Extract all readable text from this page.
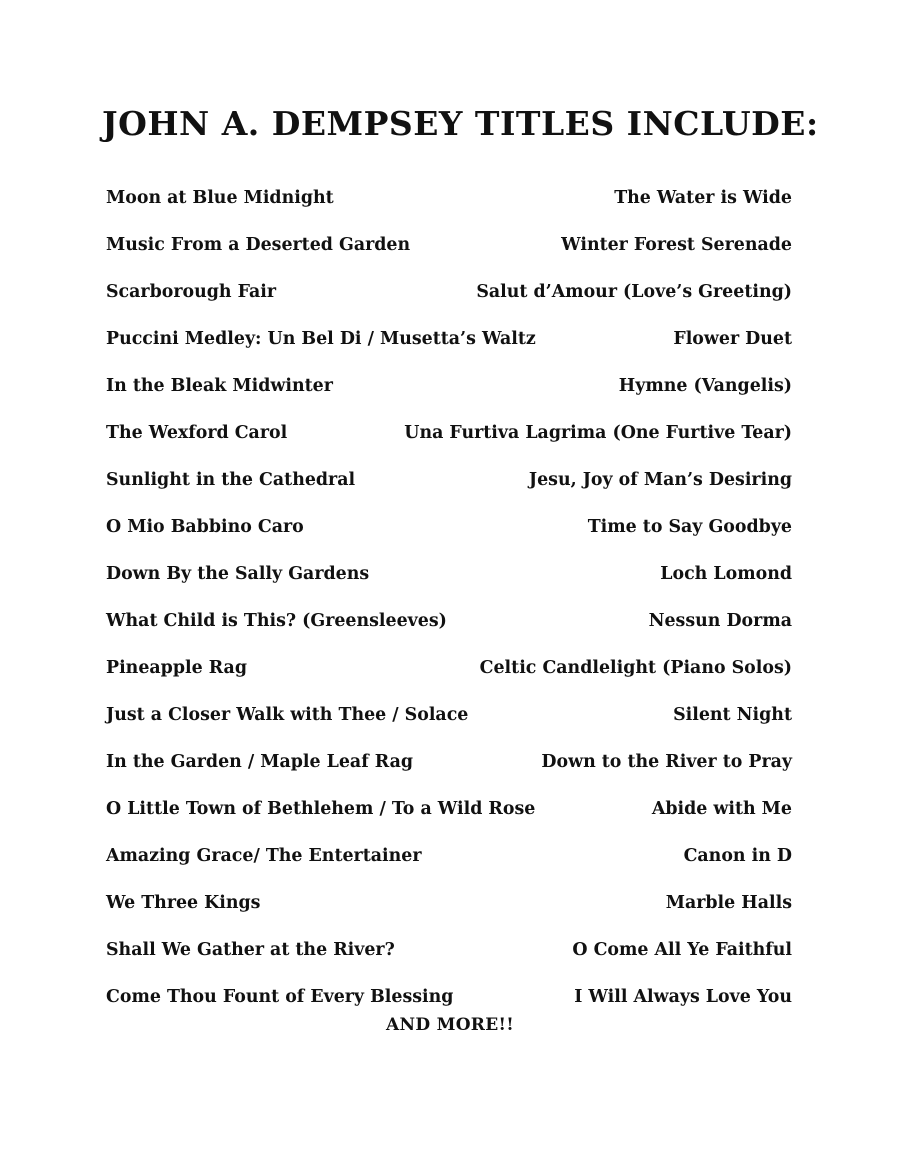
JOHN A. DEMPSEY TITLES INCLUDE:
Moon at Blue Midnight	The Water is Wide
Music From a Deserted Garden	Winter Forest Serenade
Scarborough Fair	Salut d’Amour (Love’s Greeting)
Puccini Medley: Un Bel Di / Musetta’s Waltz	Flower Duet
In the Bleak Midwinter	Hymne (Vangelis)
The Wexford Carol	Una Furtiva Lagrima (One Furtive Tear)
Sunlight in the Cathedral	Jesu, Joy of Man’s Desiring
O Mio Babbino Caro	Time to Say Goodbye
Down By the Sally Gardens	Loch Lomond
What Child is This? (Greensleeves)	Nessun Dorma
Pineapple Rag	Celtic Candlelight (Piano Solos)
Just a Closer Walk with Thee / Solace	Silent Night
In the Garden / Maple Leaf Rag	Down to the River to Pray
O Little Town of Bethlehem / To a Wild Rose	Abide with Me
Amazing Grace/ The Entertainer	Canon in D
We Three Kings	Marble Halls
Shall We Gather at the River?	O Come All Ye Faithful
Come Thou Fount of Every Blessing	I Will Always Love You

AND MORE!!
